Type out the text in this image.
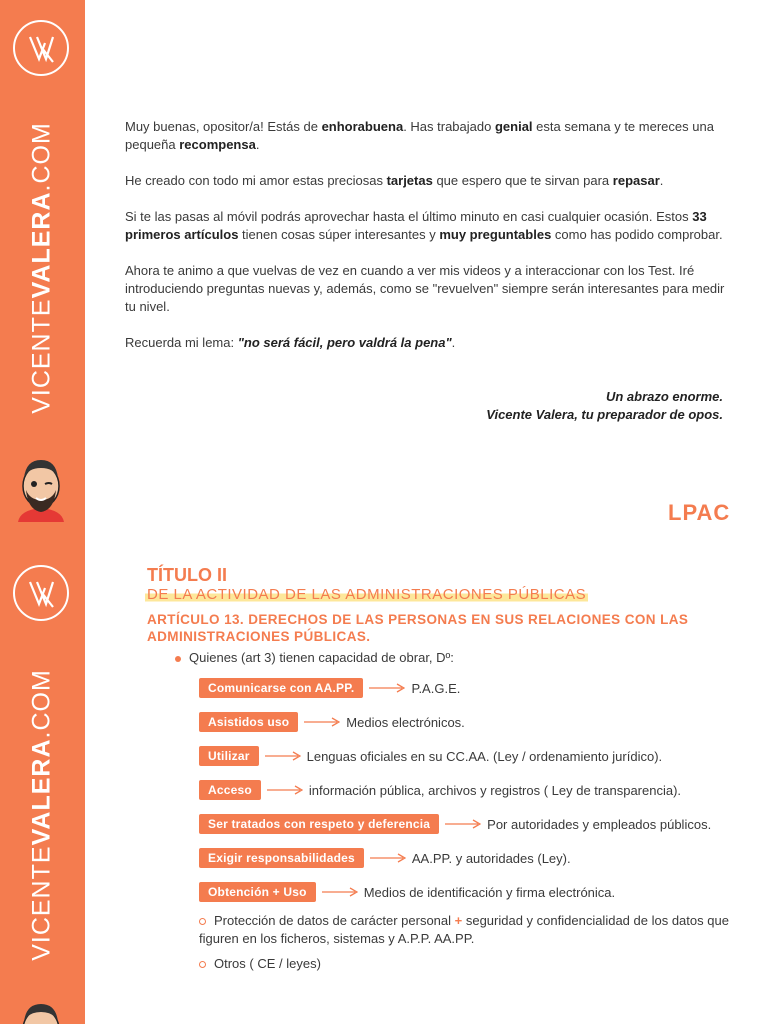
VICENTEVALERA.COM
VICENTEVALERA.COM

Muy buenas, opositor/a! Estás de enhorabuena. Has trabajado genial esta semana y te mereces una pequeña recompensa.

He creado con todo mi amor estas preciosas tarjetas que espero que te sirvan para repasar.

Si te las pasas al móvil podrás aprovechar hasta el último minuto en casi cualquier ocasión. Estos 33 primeros artículos tienen cosas súper interesantes y muy preguntables como has podido comprobar.

Ahora te animo a que vuelvas de vez en cuando a ver mis videos y a interaccionar con los Test. Iré introduciendo preguntas nuevas y, además, como se "revuelven" siempre serán interesantes para medir tu nivel.

Recuerda mi lema: "no será fácil, pero valdrá la pena".

Un abrazo enorme.
Vicente Valera, tu preparador de opos.
LPAC
TÍTULO II
DE LA ACTIVIDAD DE LAS ADMINISTRACIONES PÚBLICAS
ARTÍCULO 13. DERECHOS DE LAS PERSONAS EN SUS RELACIONES CON LAS ADMINISTRACIONES PÚBLICAS.
Quienes (art 3) tienen capacidad de obrar, Dº:
Comunicarse con AA.PP.	P.A.G.E.
Asistidos uso	Medios electrónicos.
Utilizar	Lenguas oficiales en su CC.AA. (Ley / ordenamiento jurídico).
Acceso	información pública, archivos y registros ( Ley de transparencia).
Ser tratados con respeto y deferencia	Por autoridades y empleados públicos.
Exigir responsabilidades	AA.PP. y autoridades (Ley).
Obtención + Uso	Medios de identificación y firma electrónica.
Protección de datos de carácter personal + seguridad y confidencialidad de los datos que figuren en los ficheros, sistemas y A.P.P. AA.PP.
Otros ( CE / leyes)
